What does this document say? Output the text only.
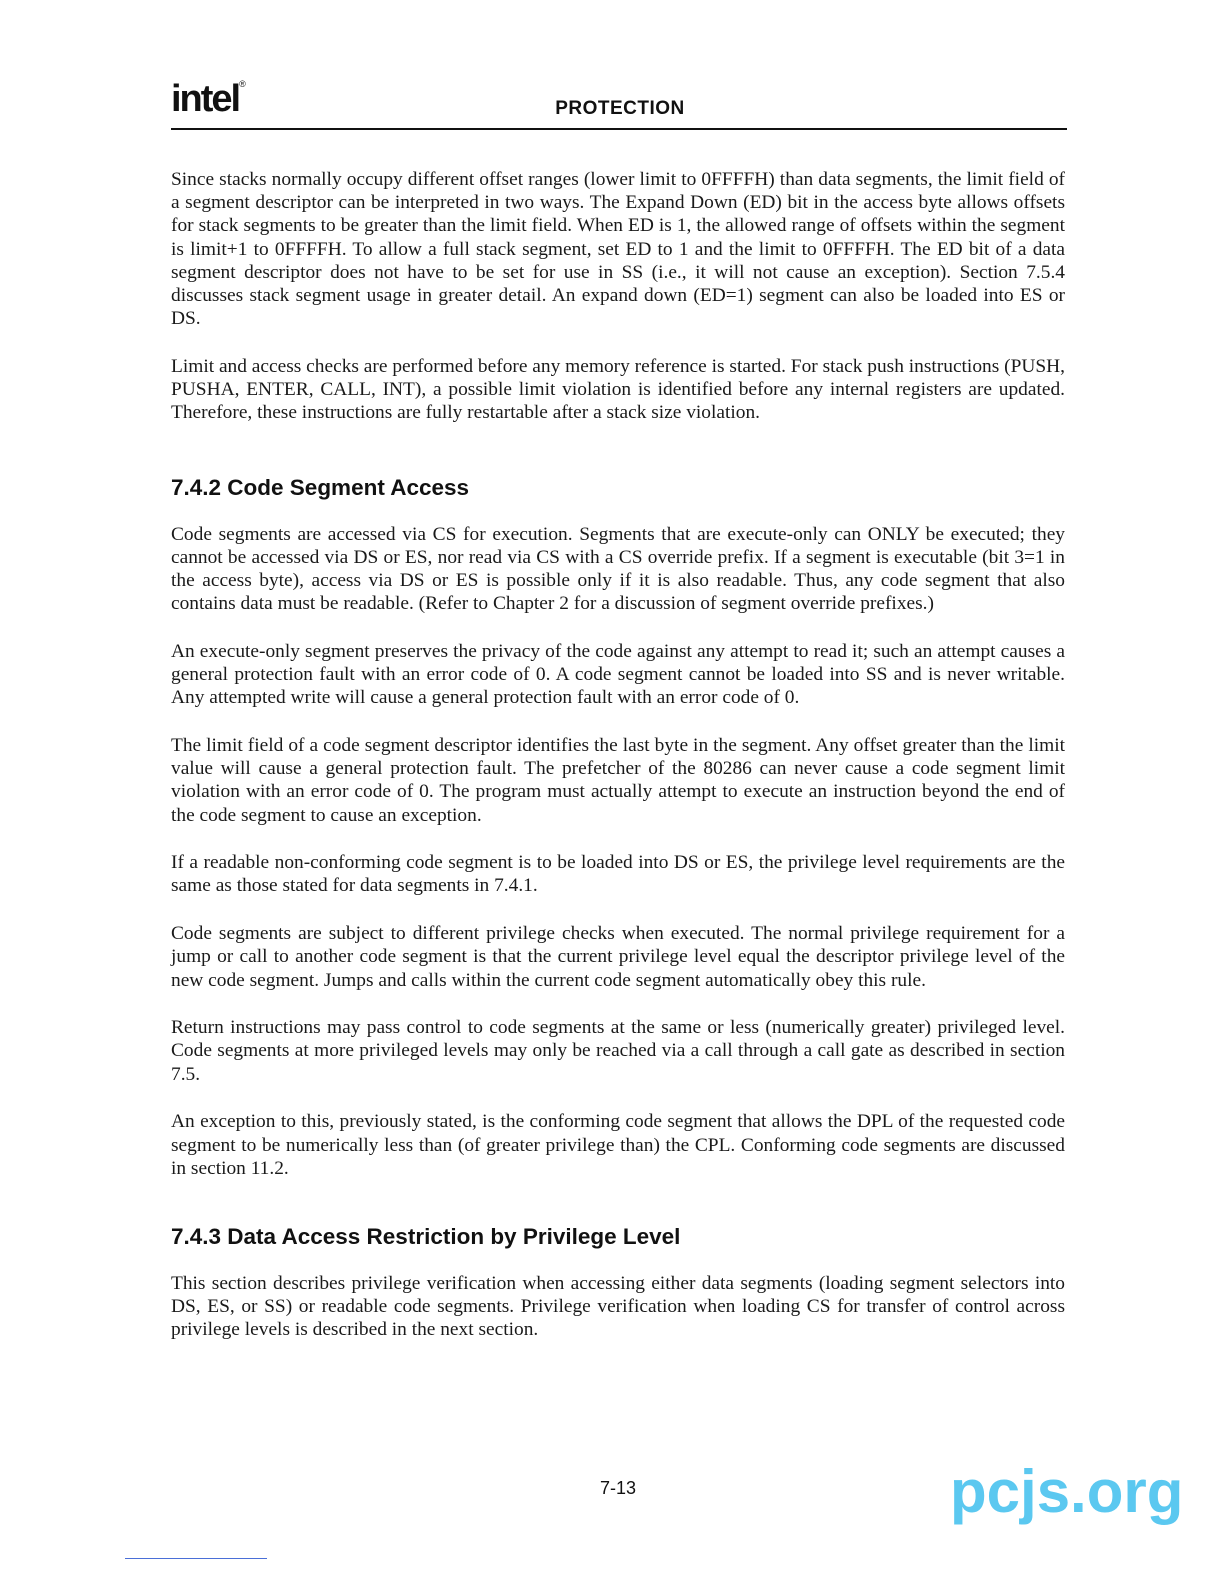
intel®
PROTECTION

Since stacks normally occupy different offset ranges (lower limit to 0FFFFH) than data segments, the limit field of a segment descriptor can be interpreted in two ways. The Expand Down (ED) bit in the access byte allows offsets for stack segments to be greater than the limit field. When ED is 1, the allowed range of offsets within the segment is limit+1 to 0FFFFH. To allow a full stack segment, set ED to 1 and the limit to 0FFFFH. The ED bit of a data segment descriptor does not have to be set for use in SS (i.e., it will not cause an exception). Section 7.5.4 discusses stack segment usage in greater detail. An expand down (ED=1) segment can also be loaded into ES or DS.

Limit and access checks are performed before any memory reference is started. For stack push instructions (PUSH, PUSHA, ENTER, CALL, INT), a possible limit violation is identified before any internal registers are updated. Therefore, these instructions are fully restartable after a stack size violation.

7.4.2 Code Segment Access

Code segments are accessed via CS for execution. Segments that are execute-only can ONLY be executed; they cannot be accessed via DS or ES, nor read via CS with a CS override prefix. If a segment is executable (bit 3=1 in the access byte), access via DS or ES is possible only if it is also readable. Thus, any code segment that also contains data must be readable. (Refer to Chapter 2 for a discussion of segment override prefixes.)

An execute-only segment preserves the privacy of the code against any attempt to read it; such an attempt causes a general protection fault with an error code of 0. A code segment cannot be loaded into SS and is never writable. Any attempted write will cause a general protection fault with an error code of 0.

The limit field of a code segment descriptor identifies the last byte in the segment. Any offset greater than the limit value will cause a general protection fault. The prefetcher of the 80286 can never cause a code segment limit violation with an error code of 0. The program must actually attempt to execute an instruction beyond the end of the code segment to cause an exception.

If a readable non-conforming code segment is to be loaded into DS or ES, the privilege level requirements are the same as those stated for data segments in 7.4.1.

Code segments are subject to different privilege checks when executed. The normal privilege requirement for a jump or call to another code segment is that the current privilege level equal the descriptor privilege level of the new code segment. Jumps and calls within the current code segment automatically obey this rule.

Return instructions may pass control to code segments at the same or less (numerically greater) privileged level. Code segments at more privileged levels may only be reached via a call through a call gate as described in section 7.5.

An exception to this, previously stated, is the conforming code segment that allows the DPL of the requested code segment to be numerically less than (of greater privilege than) the CPL. Conforming code segments are discussed in section 11.2.

7.4.3 Data Access Restriction by Privilege Level

This section describes privilege verification when accessing either data segments (loading segment selectors into DS, ES, or SS) or readable code segments. Privilege verification when loading CS for transfer of control across privilege levels is described in the next section.

7-13	pcjs.org
